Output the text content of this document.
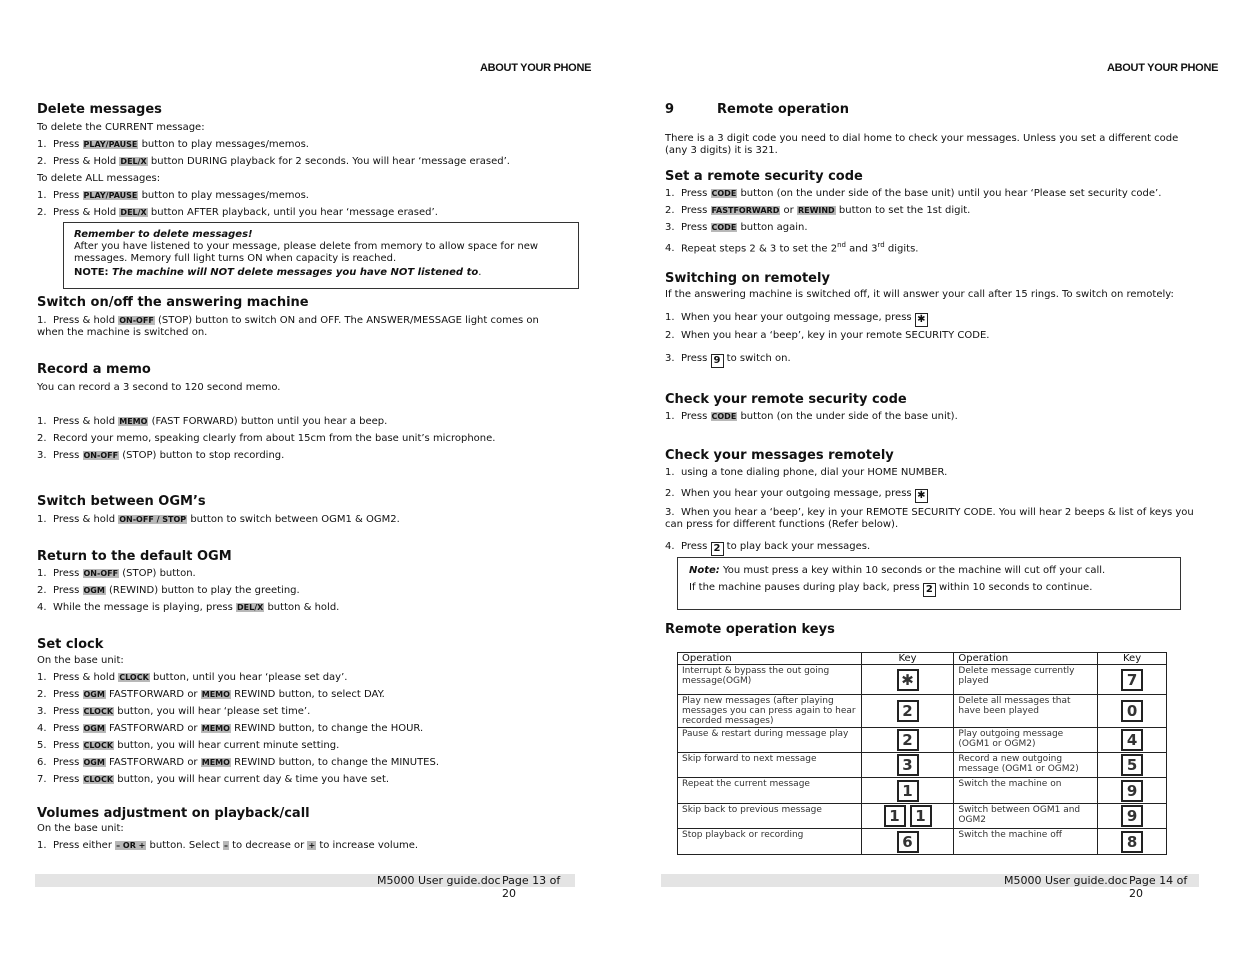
ABOUT YOUR PHONE
Delete messages
To delete the CURRENT message:
1. Press PLAY/PAUSE button to play messages/memos.
2. Press & Hold DEL/X button DURING playback for 2 seconds. You will hear ‘message erased’.
To delete ALL messages:
1. Press PLAY/PAUSE button to play messages/memos.
2. Press & Hold DEL/X button AFTER playback, until you hear ‘message erased’.
Remember to delete messages!
After you have listened to your message, please delete from memory to allow space for new messages. Memory full light turns ON when capacity is reached.
NOTE: The machine will NOT delete messages you have NOT listened to.
Switch on/off the answering machine
1. Press & hold ON-OFF (STOP) button to switch ON and OFF. The ANSWER/MESSAGE light comes on when the machine is switched on.
Record a memo
You can record a 3 second to 120 second memo.
1. Press & hold MEMO (FAST FORWARD) button until you hear a beep.
2. Record your memo, speaking clearly from about 15cm from the base unit’s microphone.
3. Press ON-OFF (STOP) button to stop recording.
Switch between OGM’s
1. Press & hold ON-OFF / STOP button to switch between OGM1 & OGM2.
Return to the default OGM
1. Press ON-OFF (STOP) button.
2. Press OGM (REWIND) button to play the greeting.
4. While the message is playing, press DEL/X button & hold.
Set clock
On the base unit:
1. Press & hold CLOCK button, until you hear ‘please set day’.
2. Press OGM FASTFORWARD or MEMO REWIND button, to select DAY.
3. Press CLOCK button, you will hear ‘please set time’.
4. Press OGM FASTFORWARD or MEMO REWIND button, to change the HOUR.
5. Press CLOCK button, you will hear current minute setting.
6. Press OGM FASTFORWARD or MEMO REWIND button, to change the MINUTES.
7. Press CLOCK button, you will hear current day & time you have set.
Volumes adjustment on playback/call
On the base unit:
1. Press either – OR + button. Select – to decrease or + to increase volume.
M5000 User guide.doc Page 13 of 20
ABOUT YOUR PHONE
9	Remote operation
There is a 3 digit code you need to dial home to check your messages. Unless you set a different code (any 3 digits) it is 321.
Set a remote security code
1. Press CODE button (on the under side of the base unit) until you hear ‘Please set security code’.
2. Press FASTFORWARD or REWIND button to set the 1st digit.
3. Press CODE button again.
4. Repeat steps 2 & 3 to set the 2nd and 3rd digits.
Switching on remotely
If the answering machine is switched off, it will answer your call after 15 rings. To switch on remotely:
1. When you hear your outgoing message, press ✱
2. When you hear a ‘beep’, key in your remote SECURITY CODE.
3. Press 9 to switch on.
Check your remote security code
1. Press CODE button (on the under side of the base unit).
Check your messages remotely
1. using a tone dialing phone, dial your HOME NUMBER.
2. When you hear your outgoing message, press ✱
3. When you hear a ‘beep’, key in your REMOTE SECURITY CODE. You will hear 2 beeps & list of keys you can press for different functions (Refer below).
4. Press 2 to play back your messages.
Note: You must press a key within 10 seconds or the machine will cut off your call.
If the machine pauses during play back, press 2 within 10 seconds to continue.
Remote operation keys
Operation	Key	Operation	Key
Interrupt & bypass the out going message(OGM)	✱	Delete message currently played	7
Play new messages (after playing messages you can press again to hear recorded messages)	2	Delete all messages that have been played	0
Pause & restart during message play	2	Play outgoing message (OGM1 or OGM2)	4
Skip forward to next message	3	Record a new outgoing message (OGM1 or OGM2)	5
Repeat the current message	1	Switch the machine on	9
Skip back to previous message	1 1	Switch between OGM1 and OGM2	9
Stop playback or recording	6	Switch the machine off	8
M5000 User guide.doc Page 14 of 20
